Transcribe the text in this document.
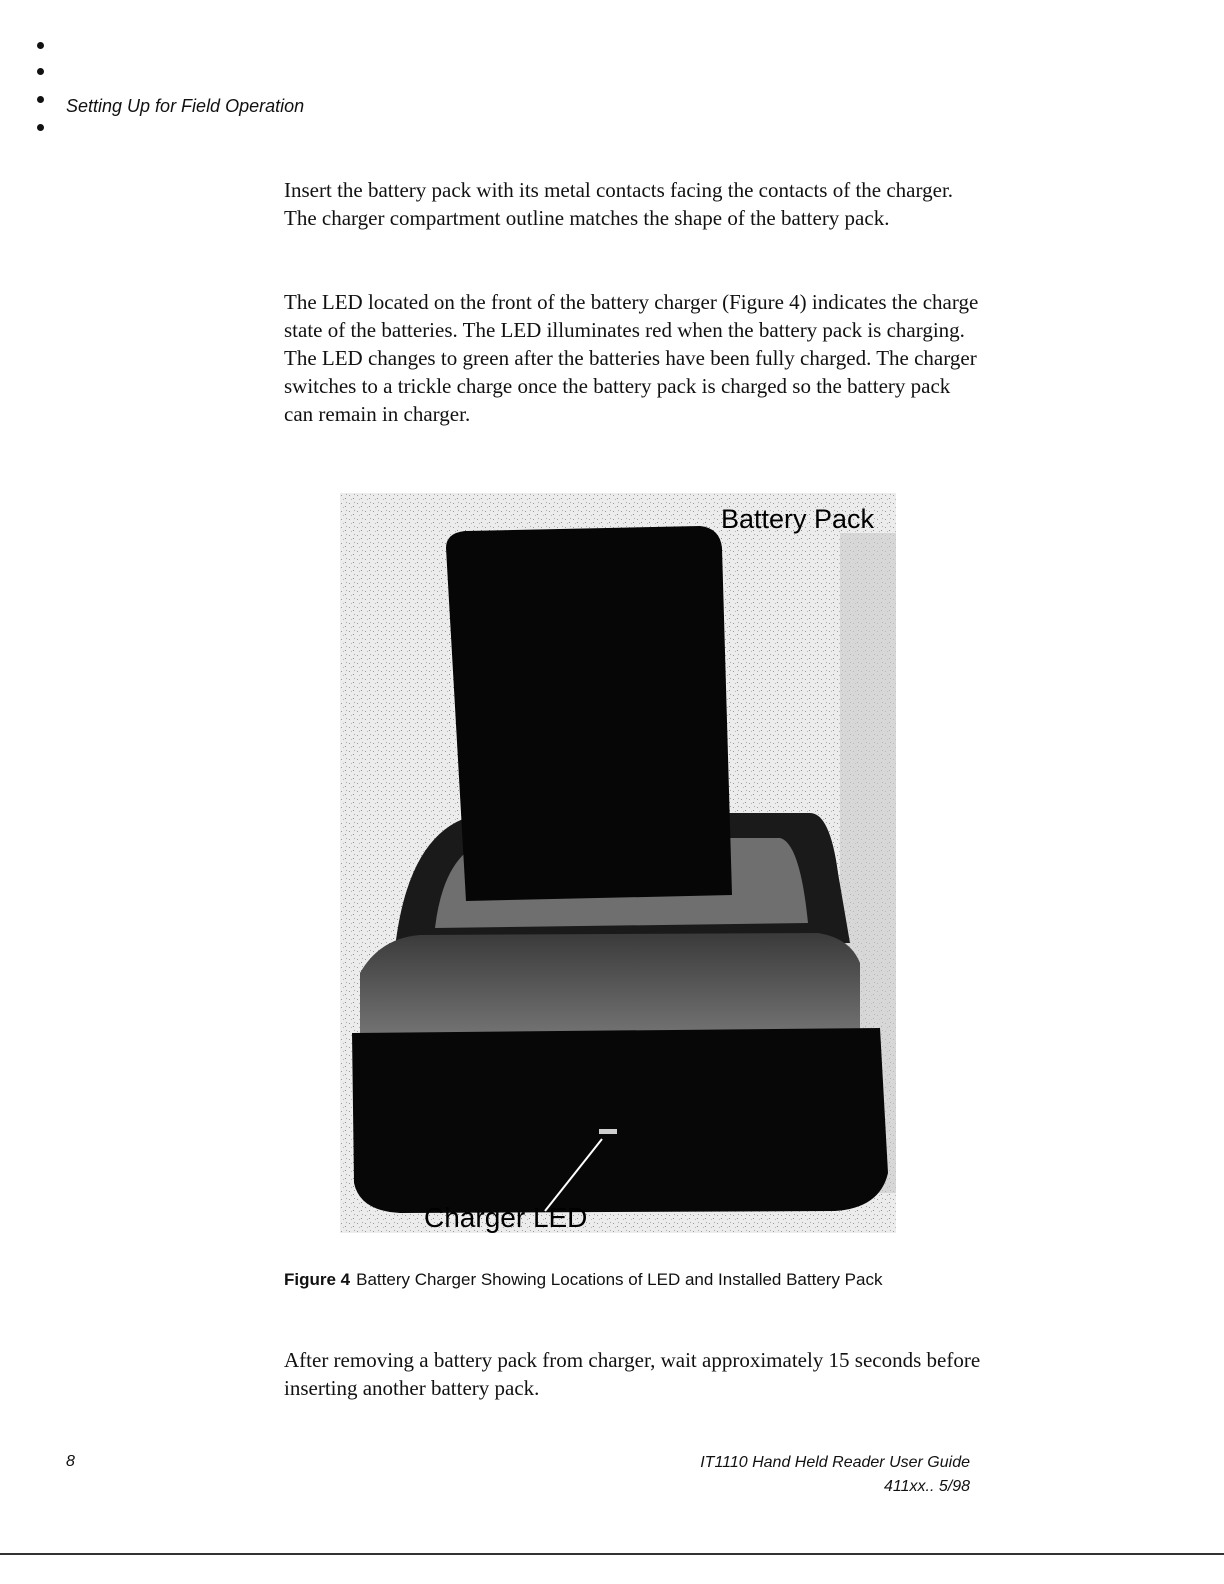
Setting Up for Field Operation

Insert the battery pack with its metal contacts facing the contacts of the charger. The charger compartment outline matches the shape of the battery pack.

The LED located on the front of the battery charger (Figure 4) indicates the charge state of the batteries. The LED illuminates red when the battery pack is charging. The LED changes to green after the batteries have been fully charged. The charger switches to a trickle charge once the battery pack is charged so the battery pack can remain in charger.

Battery Pack
Charger LED
Figure 4 Battery Charger Showing Locations of LED and Installed Battery Pack

After removing a battery pack from charger, wait approximately 15 seconds before inserting another battery pack.

8	IT1110 Hand Held Reader User Guide
411xx.. 5/98
